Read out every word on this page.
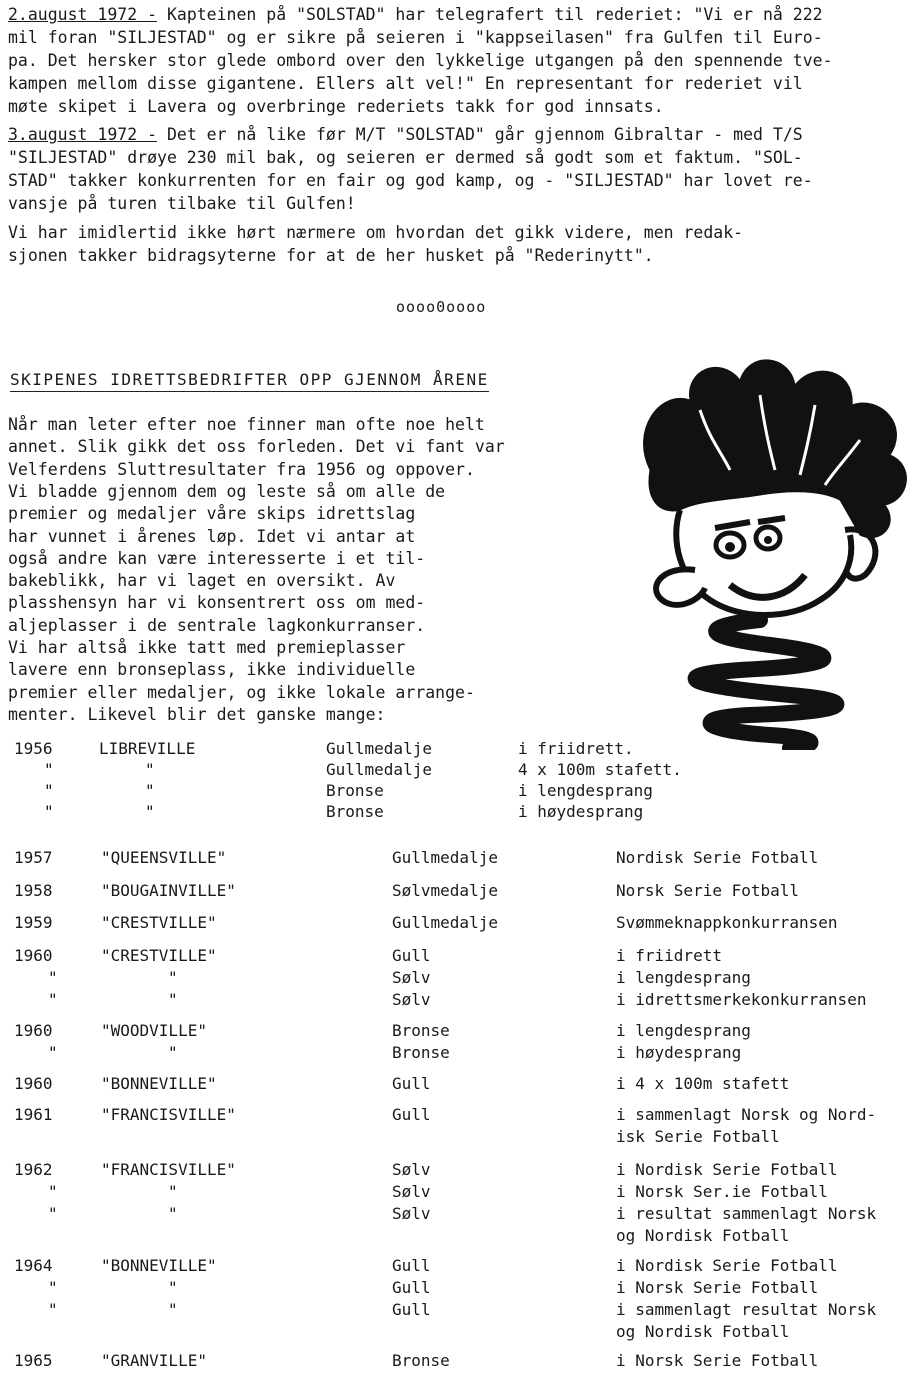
2.august 1972 - Kapteinen på "SOLSTAD" har telegrafert til rederiet: "Vi er nå 222
mil foran "SILJESTAD" og er sikre på seieren i "kappseilasen" fra Gulfen til Euro-
pa. Det hersker stor glede ombord over den lykkelige utgangen på den spennende tve-
kampen mellom disse gigantene. Ellers alt vel!" En representant for rederiet vil
møte skipet i Lavera og overbringe rederiets takk for god innsats.
3.august 1972 - Det er nå like før M/T "SOLSTAD" går gjennom Gibraltar - med T/S
"SILJESTAD" drøye 230 mil bak, og seieren er dermed så godt som et faktum. "SOL-
STAD" takker konkurrenten for en fair og god kamp, og - "SILJESTAD" har lovet re-
vansje på turen tilbake til Gulfen!
Vi har imidlertid ikke hørt nærmere om hvordan det gikk videre, men redak-
sjonen takker bidragsyterne for at de her husket på "Rederinytt".
oooo0oooo
SKIPENES IDRETTSBEDRIFTER OPP GJENNOM ÅRENE
Når man leter efter noe finner man ofte noe helt
annet. Slik gikk det oss forleden. Det vi fant var
Velferdens Sluttresultater fra 1956 og oppover.
Vi bladde gjennom dem og leste så om alle de
premier og medaljer våre skips idrettslag
har vunnet i årenes løp. Idet vi antar at
også andre kan være interesserte i et til-
bakeblikk, har vi laget en oversikt. Av
plasshensyn har vi konsentrert oss om med-
aljeplasser i de sentrale lagkonkurranser.
Vi har altså ikke tatt med premieplasser
lavere enn bronseplass, ikke individuelle
premier eller medaljer, og ikke lokale arrange-
menter. Likevel blir det ganske mange:
1956	LIBREVILLE	Gullmedalje	i friidrett.
"	"	Gullmedalje	4 x 100m stafett.
"	"	Bronse	i lengdesprang
"	"	Bronse	i høydesprang
1957	"QUEENSVILLE"	Gullmedalje	Nordisk Serie Fotball
1958	"BOUGAINVILLE"	Sølvmedalje	Norsk Serie Fotball
1959	"CRESTVILLE"	Gullmedalje	Svømmeknappkonkurransen
1960	"CRESTVILLE"	Gull	i friidrett
"	"	Sølv	i lengdesprang
"	"	Sølv	i idrettsmerkekonkurransen
1960	"WOODVILLE"	Bronse	i lengdesprang
"	"	Bronse	i høydesprang
1960	"BONNEVILLE"	Gull	i 4 x 100m stafett
1961	"FRANCISVILLE"	Gull	i sammenlagt Norsk og Nord-
isk Serie Fotball
1962	"FRANCISVILLE"	Sølv	i Nordisk Serie Fotball
"	"	Sølv	i Norsk Ser.ie Fotball
"	"	Sølv	i resultat sammenlagt Norsk
og Nordisk Fotball
1964	"BONNEVILLE"	Gull	i Nordisk Serie Fotball
"	"	Gull	i Norsk Serie Fotball
"	"	Gull	i sammenlagt resultat Norsk
og Nordisk Fotball
1965	"GRANVILLE"	Bronse	i Norsk Serie Fotball
